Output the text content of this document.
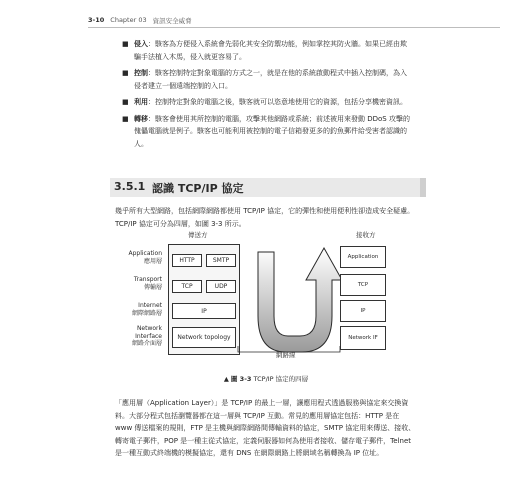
3-10 Chapter 03 資訊安全威脅
■ 侵入：駭客為方便侵入系統會先弱化其安全防禦功能，例如掌控其防火牆。如果已經由欺騙手法植入木馬，侵入就更容易了。
■ 控制：駭客控制特定對象電腦的方式之一，就是在他的系統啟動程式中插入控制碼，為入侵者建立一個遠端控制的入口。
■ 利用：控制特定對象的電腦之後，駭客就可以恣意地使用它的資源，包括分享機密資訊。
■ 轉移：駭客會使用其所控制的電腦，攻擊其他網路或系統；前述被用來發動 DDoS 攻擊的傀儡電腦就是例子。駭客也可能利用被控制的電子信箱發更多的釣魚郵件給受害者認識的人。
3.5.1 認識 TCP/IP 協定
幾乎所有大型網路，包括網際網路都使用 TCP/IP 協定，它的彈性和使用便利性卻造成安全疑慮。TCP/IP 協定可分為四層，如圖 3-3 所示。
傳送方	接收方
Application
應用層
Transport
傳輸層
Internet
網際網路層
Network Interface
網路介面層
HTTP	SMTP
TCP	UDP
IP
Network topology
Application
TCP
IP
Network IF
網路線
▲ 圖 3-3 TCP/IP 協定的四層
「應用層（Application Layer）」是 TCP/IP 的最上一層，讓應用程式透過服務與協定來交換資料。大部分程式包括瀏覽器都在這一層與 TCP/IP 互動。常見的應用層協定包括：HTTP 是在 www 傳送檔案的規則，FTP 是主機與網際網路間傳輸資料的協定，SMTP 協定用來傳送、接收、轉寄電子郵件，POP 是一種主從式協定，定義伺服器如何為使用者接收、儲存電子郵件，Telnet 是一種互動式終端機的模擬協定，還有 DNS 在網際網路上將網域名稱轉換為 IP 位址。
